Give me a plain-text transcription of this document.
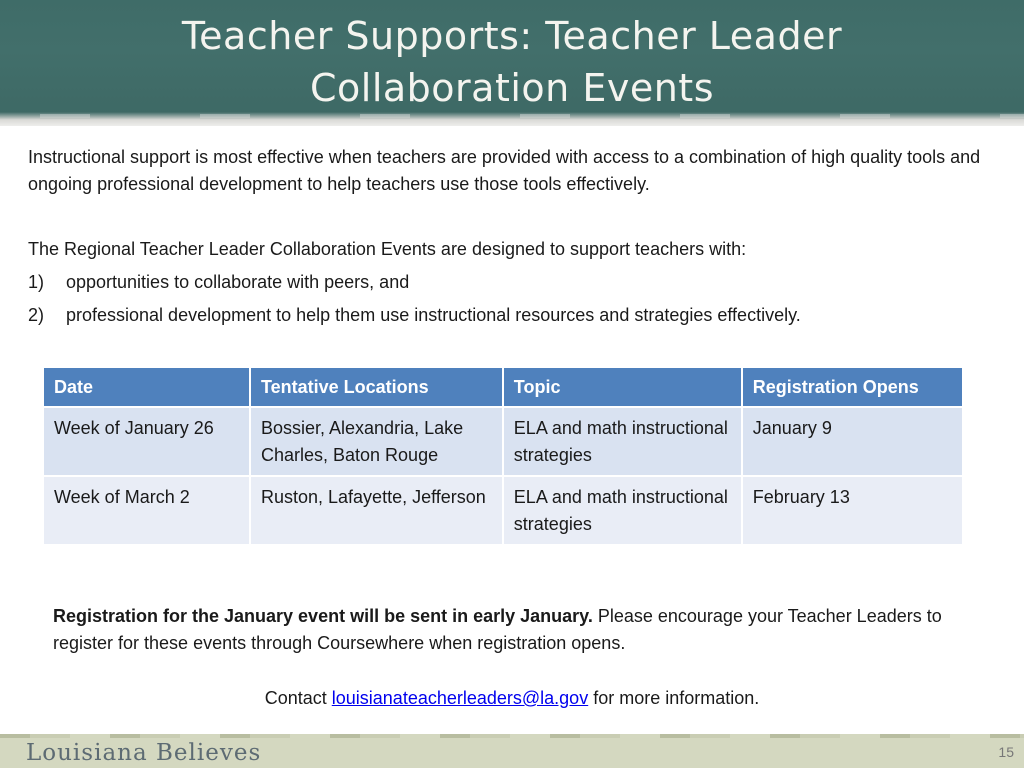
Teacher Supports: Teacher Leader
Collaboration Events
Instructional support is most effective when teachers are provided with access to a combination of high quality tools and ongoing professional development to help teachers use those tools effectively.
The Regional Teacher Leader Collaboration Events are designed to support teachers with:
1)	opportunities to collaborate with peers, and
2)	professional development to help them use instructional resources and strategies effectively.
Date	Tentative Locations	Topic	Registration Opens
Week of January 26	Bossier, Alexandria, Lake Charles, Baton Rouge	ELA and math instructional strategies	January 9
Week of March 2	Ruston, Lafayette, Jefferson	ELA and math instructional strategies	February 13
Registration for the January event will be sent in early January. Please encourage your Teacher Leaders to register for these events through Coursewhere when registration opens.
Contact louisianateacherleaders@la.gov for more information.
Louisiana Believes	15
